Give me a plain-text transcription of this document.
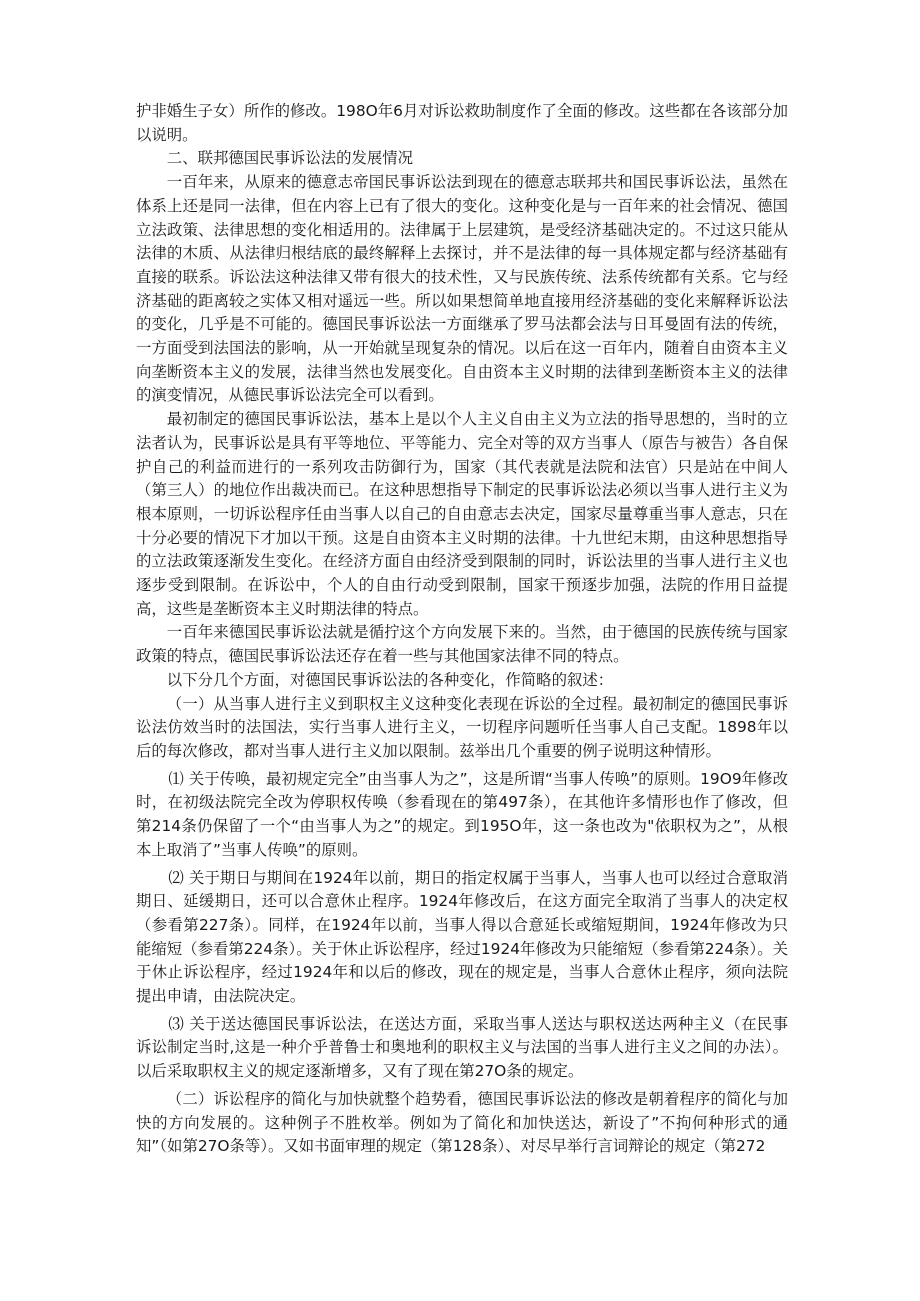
护非婚生子女）所作的修改。198O年6月对诉讼救助制度作了全面的修改。这些都在各该部分加以说明。

二、联邦德国民事诉讼法的发展情况

一百年来，从原来的德意志帝国民事诉讼法到现在的德意志联邦共和国民事诉讼法，虽然在体系上还是同一法律，但在内容上已有了很大的变化。这种变化是与一百年来的社会情况、德国立法政策、法律思想的变化相适用的。法律属于上层建筑，是受经济基础决定的。不过这只能从法律的木质、从法律归根结底的最终解释上去探讨，并不是法律的每一具体规定都与经济基础有直接的联系。诉讼法这种法律又带有很大的技术性，又与民族传统、法系传统都有关系。它与经济基础的距离较之实体又相对遥远一些。所以如果想简单地直接用经济基础的变化来解释诉讼法的变化，几乎是不可能的。德国民事诉讼法一方面继承了罗马法都会法与日耳曼固有法的传统，一方面受到法国法的影响，从一开始就呈现复杂的情况。以后在这一百年内，随着自由资本主义向垄断资本主义的发展，法律当然也发展变化。自由资本主义时期的法律到垄断资本主义的法律的演变情况，从德民事诉讼法完全可以看到。

最初制定的德国民事诉讼法，基本上是以个人主义自由主义为立法的指导思想的，当时的立法者认为，民事诉讼是具有平等地位、平等能力、完全对等的双方当事人（原告与被告）各自保护自己的利益而进行的一系列攻击防御行为，国家（其代表就是法院和法官）只是站在中间人（第三人）的地位作出裁决而已。在这种思想指导下制定的民事诉讼法必须以当事人进行主义为根本原则，一切诉讼程序任由当事人以自己的自由意志去决定，国家尽量尊重当事人意志，只在十分必要的情况下才加以干预。这是自由资本主义时期的法律。十九世纪末期，由这种思想指导的立法政策逐渐发生变化。在经济方面自由经济受到限制的同时，诉讼法里的当事人进行主义也逐步受到限制。在诉讼中，个人的自由行动受到限制，国家干预逐步加强，法院的作用日益提高，这些是垄断资本主义时期法律的特点。

一百年来德国民事诉讼法就是循拧这个方向发展下来的。当然，由于德国的民族传统与国家政策的特点，德国民事诉讼法还存在着一些与其他国家法律不同的特点。

以下分几个方面，对德国民事诉讼法的各种变化，作简略的叙述：

（一）从当事人进行主义到职权主义这种变化表现在诉讼的全过程。最初制定的德国民事诉讼法仿效当时的法国法，实行当事人进行主义，一切程序问题听任当事人自己支配。1898年以后的每次修改，都对当事人进行主义加以限制。兹举出几个重要的例子说明这种情形。

⑴ 关于传唤，最初规定完全”由当事人为之”，这是所谓“当事人传唤”的原则。19O9年修改时，在初级法院完全改为停职权传唤（参看现在的第497条），在其他许多情形也作了修改，但第214条仍保留了一个“由当事人为之”的规定。到195O年，这一条也改为"依职权为之”，从根本上取消了”当事人传唤”的原则。

⑵ 关于期日与期间在1924年以前，期日的指定权属于当事人，当事人也可以经过合意取消期日、延缓期日，还可以合意休止程序。1924年修改后，在这方面完全取消了当事人的决定权（参看第227条）。同样，在1924年以前，当事人得以合意延长或缩短期间，1924年修改为只能缩短（参看第224条）。关于休止诉讼程序，经过1924年修改为只能缩短（参看第224条）。关于休止诉讼程序，经过1924年和以后的修改，现在的规定是，当事人合意休止程序，须向法院提出申请，由法院决定。

⑶ 关于送达德国民事诉讼法，在送达方面，采取当事人送达与职权送达两种主义（在民事诉讼制定当时,这是一种介乎普鲁士和奥地利的职权主义与法国的当事人进行主义之间的办法）。以后采取职权主义的规定逐渐增多，又有了现在第27O条的规定。

（二）诉讼程序的简化与加快就整个趋势看，德国民事诉讼法的修改是朝着程序的简化与加快的方向发展的。这种例子不胜枚举。例如为了简化和加快送达，新设了”不拘何种形式的通知”（如第27O条等）。又如书面审理的规定（第128条）、对尽早举行言词辩论的规定（第272
